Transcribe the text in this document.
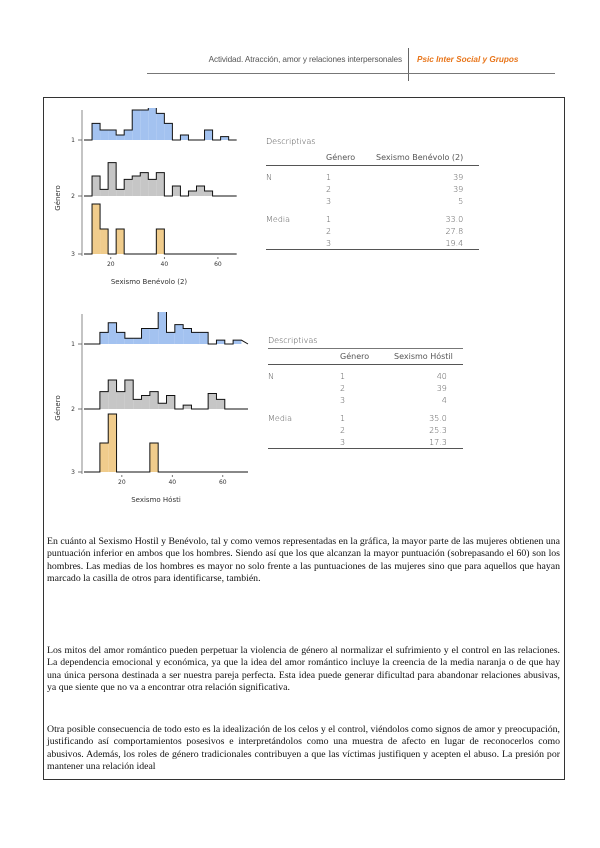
Actividad. Atracción, amor y relaciones interpersonales Psic Inter Social y Grupos
1
2
3
20	40	60
Sexismo Benévolo (2)
Género
1
2
3
20	40	60
Sexismo Hósti
Género
Descriptivas
	Género	Sexismo Benévolo (2)
N	1	39
	2	39
	3	5
Media	1	33.0
	2	27.8
	3	19.4
Descriptivas
	Género	Sexismo Hóstil
N	1	40
	2	39
	3	4
Media	1	35.0
	2	25.3
	3	17.3

En cuánto al Sexismo Hostil y Benévolo, tal y como vemos representadas en la gráfica, la mayor parte de las mujeres obtienen una puntuación inferior en ambos que los hombres. Siendo así que los que alcanzan la mayor puntuación (sobrepasando el 60) son los hombres. Las medias de los hombres es mayor no solo frente a las puntuaciones de las mujeres sino que para aquellos que hayan marcado la casilla de otros para identificarse, también.

Los mitos del amor romántico pueden perpetuar la violencia de género al normalizar el sufrimiento y el control en las relaciones. La dependencia emocional y económica, ya que la idea del amor romántico incluye la creencia de la media naranja o de que hay una única persona destinada a ser nuestra pareja perfecta. Esta idea puede generar dificultad para abandonar relaciones abusivas, ya que siente que no va a encontrar otra relación significativa.

Otra posible consecuencia de todo esto es la idealización de los celos y el control, viéndolos como signos de amor y preocupación, justificando así comportamientos posesivos e interpretándolos como una muestra de afecto en lugar de reconocerlos como abusivos. Además, los roles de género tradicionales contribuyen a que las víctimas justifiquen y acepten el abuso. La presión por mantener una relación ideal
